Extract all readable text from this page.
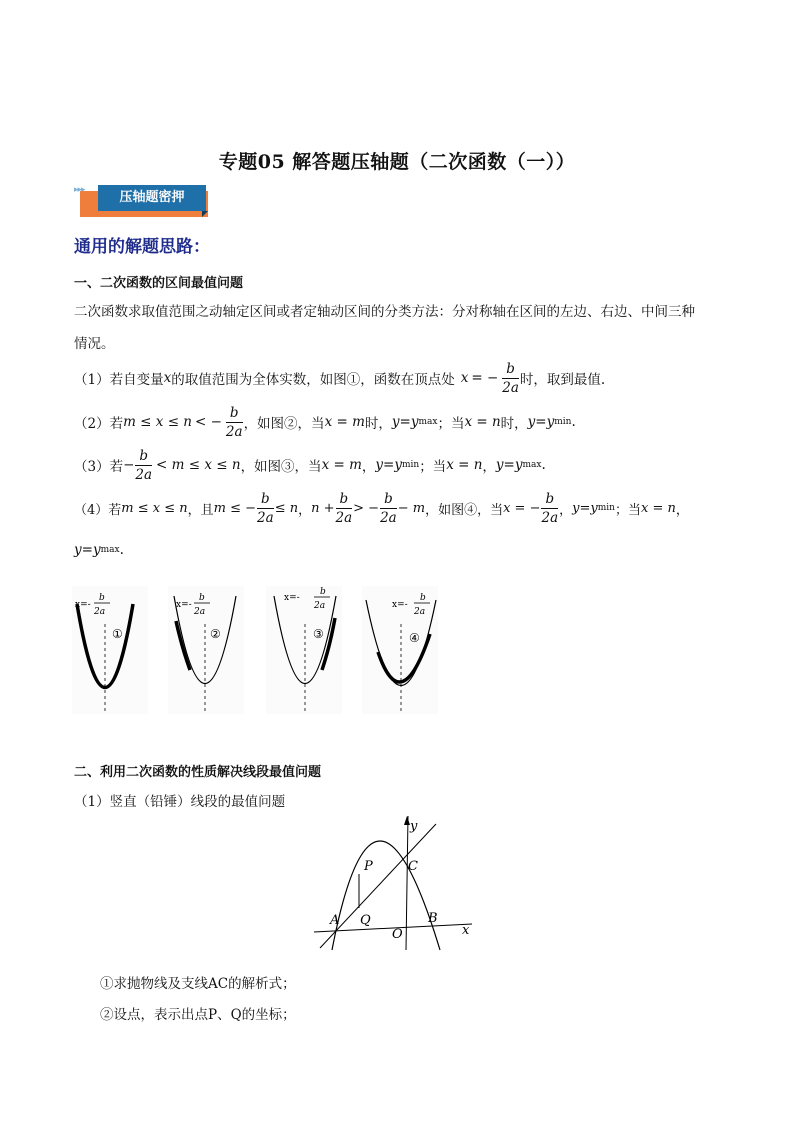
专题05 解答题压轴题（二次函数（一））
压轴题密押
▸▸▸
通用的解题思路：
一、二次函数的区间最值问题
二次函数求取值范围之动轴定区间或者定轴动区间的分类方法：分对称轴在区间的左边、右边、中间三种
情况。
（1）若自变量 x 的取值范围为全体实数，如图①，函数在顶点处 x = − $\frac{b}{2a}$ 时，取到最值.
（2）若 m ≤ x ≤ n < − $\frac{b}{2a}$ ，如图②，当 x = m 时， y = y max ；当 x = n 时， y = y min .
（3）若 − $\frac{b}{2a} < m \le x \le n$ ，如图③，当 x = m ， y = y min ；当 x = n ， y = y max .
（4）若 m ≤ x ≤ n ，且 m ≤ − $\frac{b}{2a} \le n$ ， $n + \frac{b}{2a}$ > − $\frac{b}{2a} - m$ ，如图④，当 x = − $\frac{b}{2a}$ ， y = y min ；当 x = n ，
y = y max .
x=-
b
2a
①
x=-
b
2a
②
x=-
b
2a
③
x=-
b
2a
④
二、利用二次函数的性质解决线段最值问题
（1）竖直（铅锤）线段的最值问题
y
x
P	C
A Q
O
B
①求抛物线及支线AC的解析式；
②设点，表示出点P、Q的坐标；
